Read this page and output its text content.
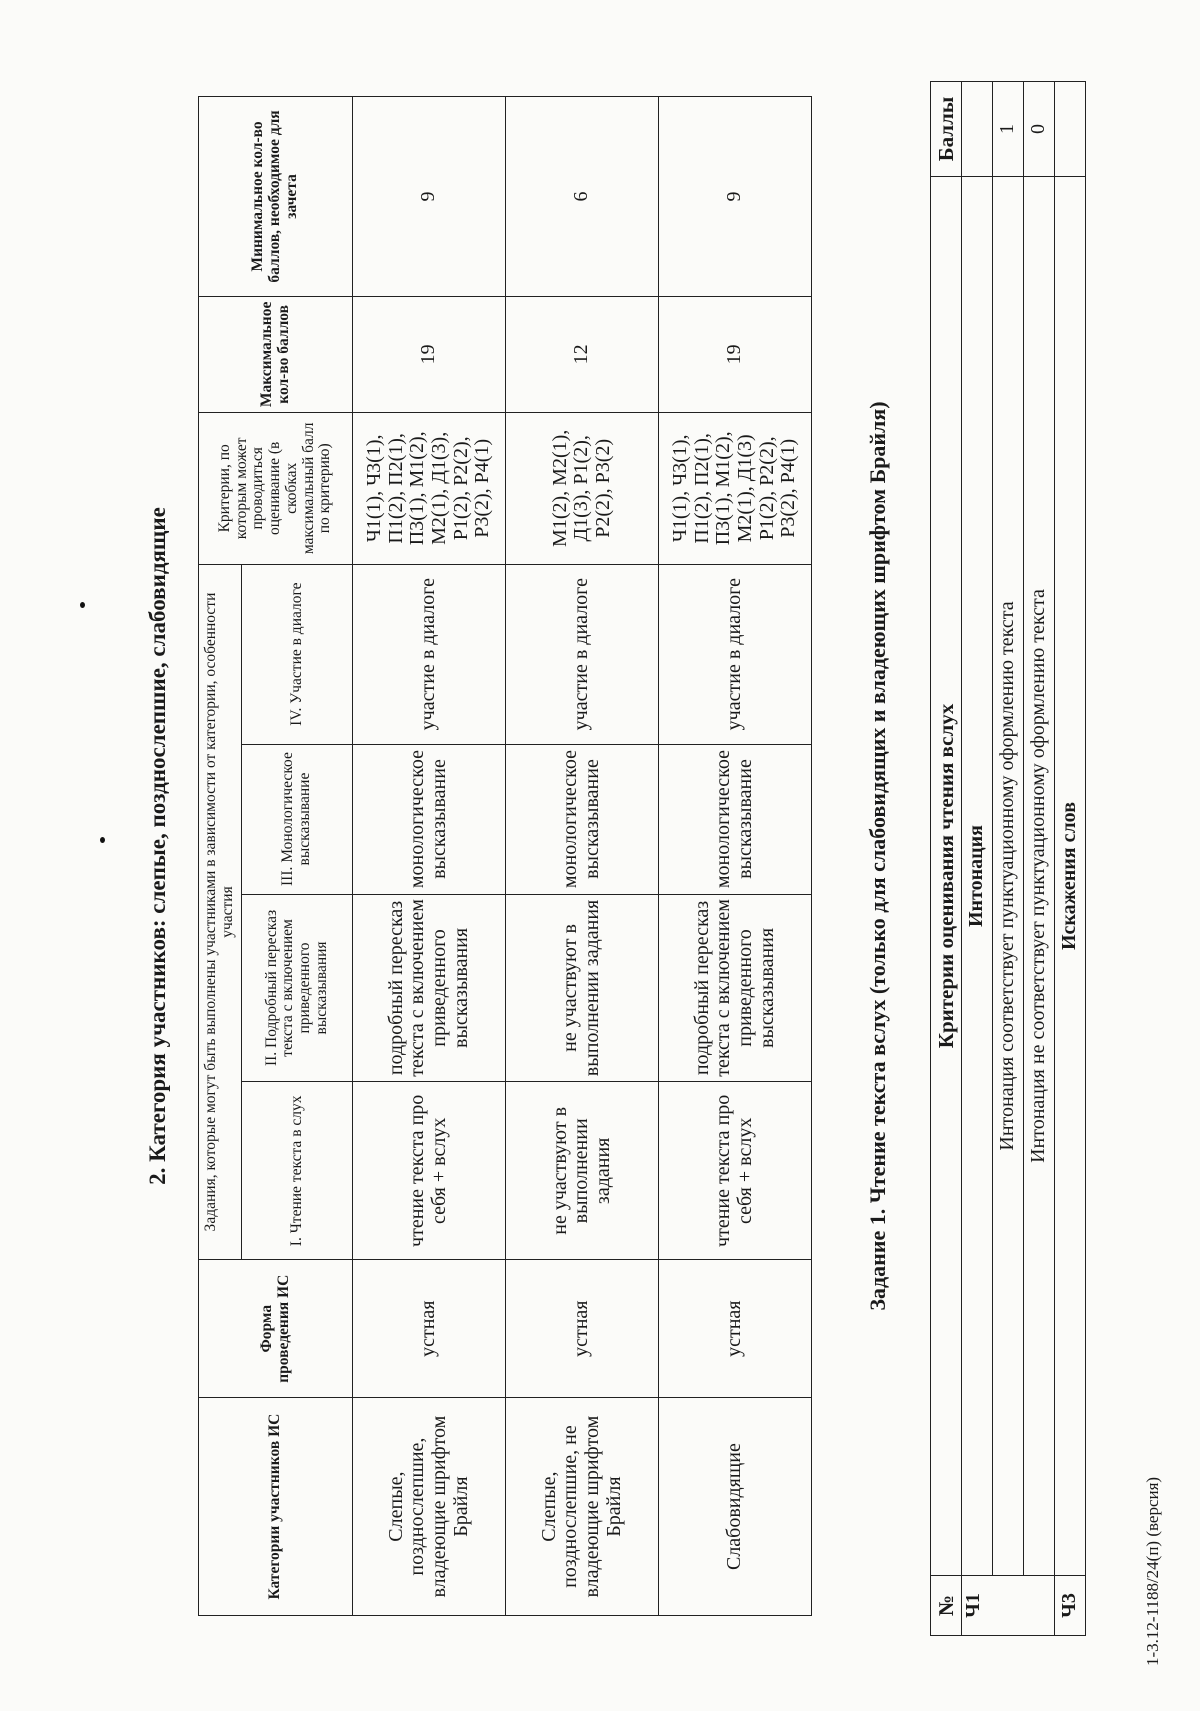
2. Категория участников: слепые, позднослепшие, слабовидящие
Категории участников ИС	Форма проведения ИС	Задания, которые могут быть выполнены участниками в зависимости от категории, особенности участия				Критерии, по которым может проводиться оценивание (в скобках максимальный балл по критерию)	Максимальное кол-во баллов	Минимальное кол-во баллов, необходимое для зачета
		I. Чтение текста в слух	II. Подробный пересказ текста с включением приведенного высказывания	III. Монологическое высказывание	IV. Участие в диалоге			
Слепые, позднослепшие, владеющие шрифтом Брайля	устная	чтение текста про себя + вслух	подробный пересказ текста с включением приведенного высказывания	монологическое высказывание	участие в диалоге	Ч1(1), Ч3(1), П1(2), П2(1), П3(1), М1(2), М2(1), Д1(3), Р1(2), Р2(2), Р3(2), Р4(1)	19	9
Слепые, позднослепшие, не владеющие шрифтом Брайля	устная	не участвуют в выполнении задания	не участвуют в выполнении задания	монологическое высказывание	участие в диалоге	М1(2), М2(1), Д1(3), Р1(2), Р2(2), Р3(2)	12	6
Слабовидящие	устная	чтение текста про себя + вслух	подробный пересказ текста с включением приведенного высказывания	монологическое высказывание	участие в диалоге	Ч1(1), Ч3(1), П1(2), П2(1), П3(1), М1(2), М2(1), Д1(3) Р1(2), Р2(2), Р3(2), Р4(1)	19	9
Задание 1. Чтение текста вслух (только для слабовидящих и владеющих шрифтом Брайля)
№	Критерии оценивания чтения вслух	Баллы
Ч1	Интонация	
	Интонация соответствует пунктуационному оформлению текста	1
	Интонация не соответствует пунктуационному оформлению текста	0
Ч3	Искажения слов	
1-3.12-1188/24(п) (версия)
